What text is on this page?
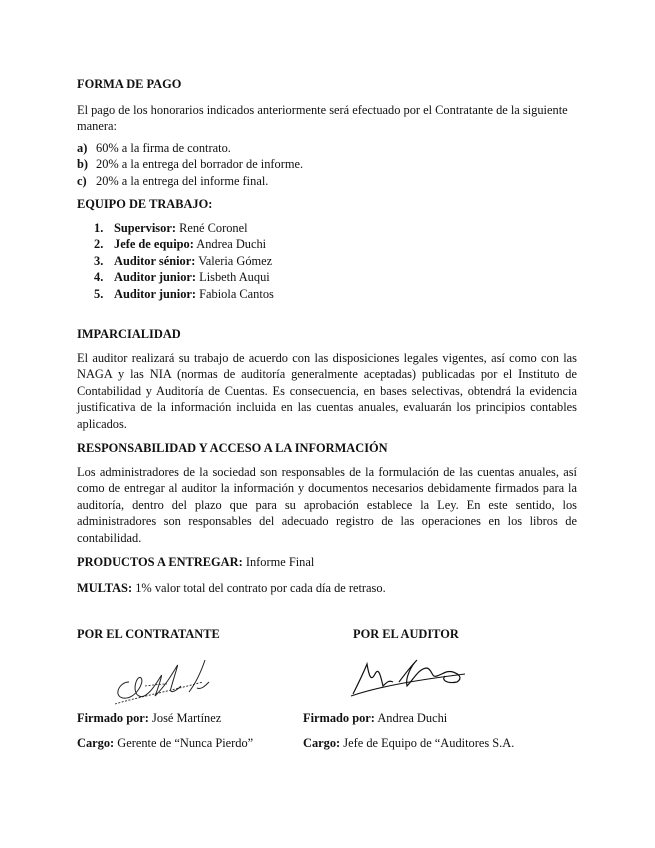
FORMA DE PAGO

El pago de los honorarios indicados anteriormente será efectuado por el Contratante de la siguiente manera:

a) 60% a la firma de contrato.
b) 20% a la entrega del borrador de informe.
c) 20% a la entrega del informe final.

EQUIPO DE TRABAJO:

1. Supervisor: René Coronel
2. Jefe de equipo: Andrea Duchi
3. Auditor sénior: Valeria Gómez
4. Auditor junior: Lisbeth Auqui
5. Auditor junior: Fabiola Cantos

IMPARCIALIDAD

El auditor realizará su trabajo de acuerdo con las disposiciones legales vigentes, así como con las NAGA y las NIA (normas de auditoría generalmente aceptadas) publicadas por el Instituto de Contabilidad y Auditoría de Cuentas. Es consecuencia, en bases selectivas, obtendrá la evidencia justificativa de la información incluida en las cuentas anuales, evaluarán los principios contables aplicados.

RESPONSABILIDAD Y ACCESO A LA INFORMACIÓN

Los administradores de la sociedad son responsables de la formulación de las cuentas anuales, así como de entregar al auditor la información y documentos necesarios debidamente firmados para la auditoría, dentro del plazo que para su aprobación establece la Ley. En este sentido, los administradores son responsables del adecuado registro de las operaciones en los libros de contabilidad.

PRODUCTOS A ENTREGAR: Informe Final

MULTAS: 1% valor total del contrato por cada día de retraso.

POR EL CONTRATANTE

Firmado por: José Martínez

Cargo: Gerente de “Nunca Pierdo”

POR EL AUDITOR

Firmado por: Andrea Duchi

Cargo: Jefe de Equipo de “Auditores S.A.
